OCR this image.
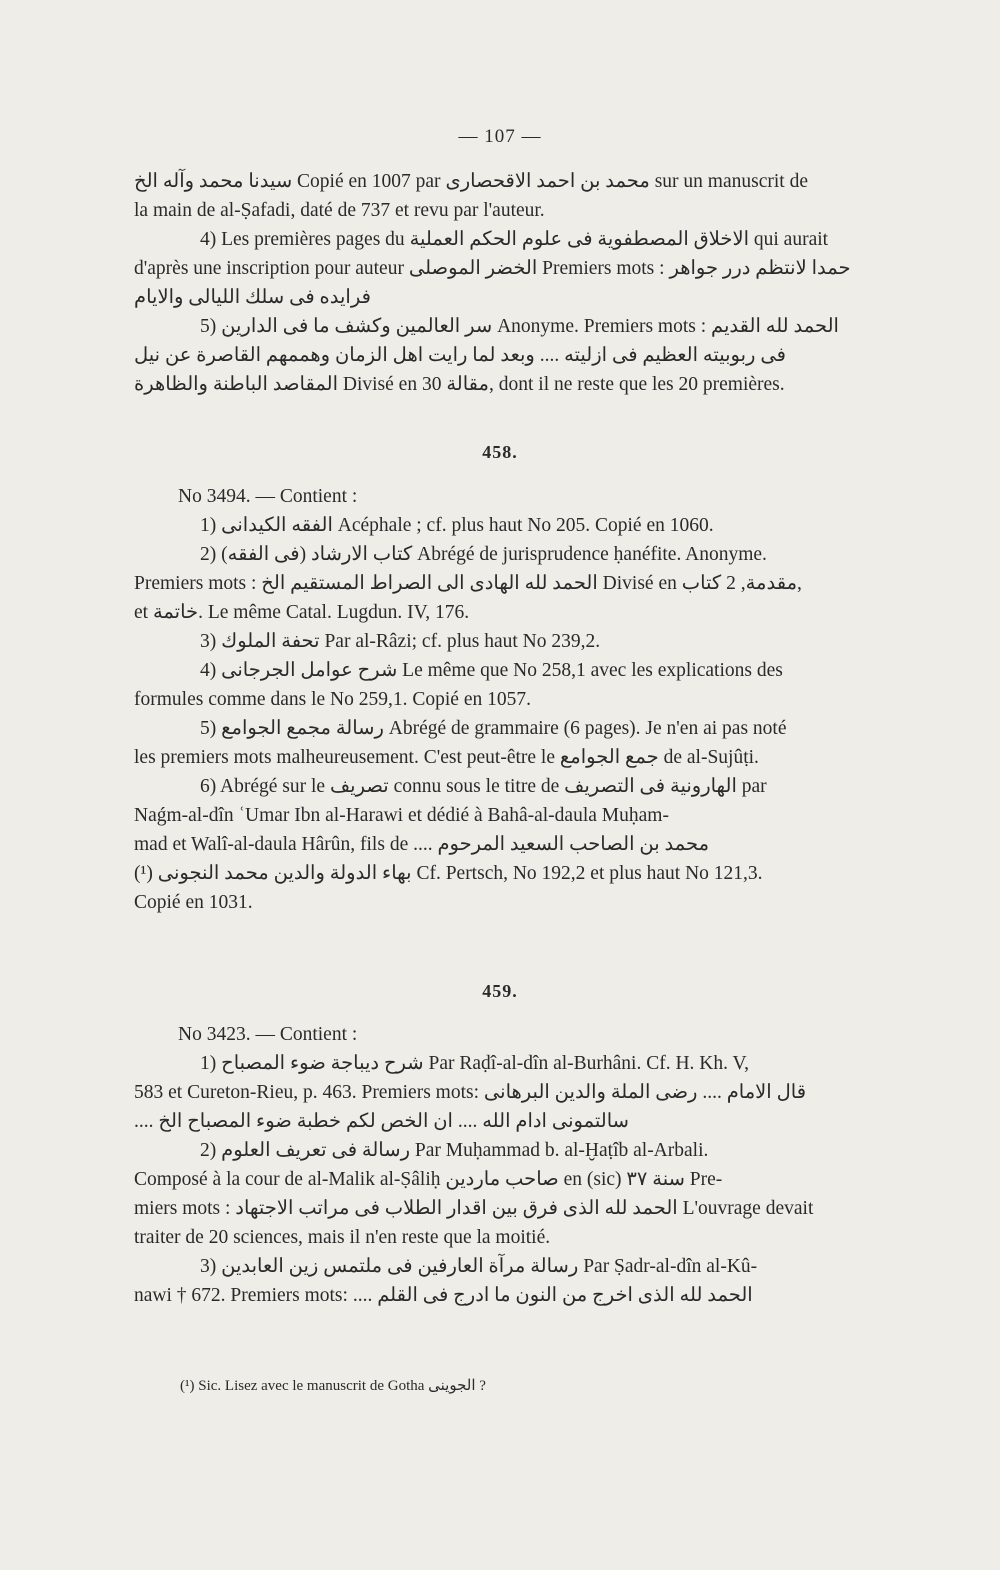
— 107 —

سيدنا محمد وآله الخ Copié en 1007 par محمد بن احمد الاقحصارى sur un manuscrit de

la main de al-Ṣafadi, daté de 737 et revu par l'auteur.

4) Les premières pages du الاخلاق المصطفوية فى علوم الحكم العملية qui aurait

d'après une inscription pour auteur الخضر الموصلى Premiers mots : حمدا لانتظم درر جواهر

فرايده فى سلك الليالى والايام

5) سر العالمين وكشف ما فى الدارين Anonyme. Premiers mots : الحمد لله القديم

فى ربوبيته العظيم فى ازليته .... وبعد لما رايت اهل الزمان وهممهم القاصرة عن نيل

المقاصد الباطنة والظاهرة Divisé en 30 مقالة, dont il ne reste que les 20 premières.

458.

No 3494. — Contient :

1) الفقه الكيدانى Acéphale ; cf. plus haut No 205. Copié en 1060.

2) كتاب الارشاد (فى الفقه) Abrégé de jurisprudence ḥanéfite. Anonyme.

Premiers mots : الحمد لله الهادى الى الصراط المستقيم الخ Divisé en مقدمة, 2 كتاب,

et خاتمة. Le même Catal. Lugdun. IV, 176.

3) تحفة الملوك Par al-Râzi; cf. plus haut No 239,2.

4) شرح عوامل الجرجانى Le même que No 258,1 avec les explications des

formules comme dans le No 259,1. Copié en 1057.

5) رسالة مجمع الجوامع Abrégé de grammaire (6 pages). Je n'en ai pas noté

les premiers mots malheureusement. C'est peut-être le جمع الجوامع de al-Sujûṭi.

6) Abrégé sur le تصريف connu sous le titre de الهارونية فى التصريف par

Naǵm-al-dîn ʿUmar Ibn al-Harawi et dédié à Bahâ-al-daula Muḥam-

mad et Walî-al-daula Hârûn, fils de .... محمد بن الصاحب السعيد المرحوم

(¹) بهاء الدولة والدين محمد النجونى Cf. Pertsch, No 192,2 et plus haut No 121,3.

Copié en 1031.

459.

No 3423. — Contient :

1) شرح ديباجة ضوء المصباح Par Raḍî-al-dîn al-Burhâni. Cf. H. Kh. V,

583 et Cureton-Rieu, p. 463. Premiers mots: قال الامام .... رضى الملة والدين البرهانى

.... سالتمونى ادام الله .... ان الخص لكم خطبة ضوء المصباح الخ

2) رسالة فى تعريف العلوم Par Muḥammad b. al-Ḫaṭîb al-Arbali.

Composé à la cour de al-Malik al-Ṣâliḥ صاحب ماردين en (sic) سنة ٣٧ Pre-

miers mots : الحمد لله الذى فرق بين اقدار الطلاب فى مراتب الاجتهاد L'ouvrage devait

traiter de 20 sciences, mais il n'en reste que la moitié.

3) رسالة مرآة العارفين فى ملتمس زين العابدين Par Ṣadr-al-dîn al-Kû-

nawi † 672. Premiers mots: .... الحمد لله الذى اخرج من النون ما ادرج فى القلم

(¹) Sic. Lisez avec le manuscrit de Gotha الجوينى ?
